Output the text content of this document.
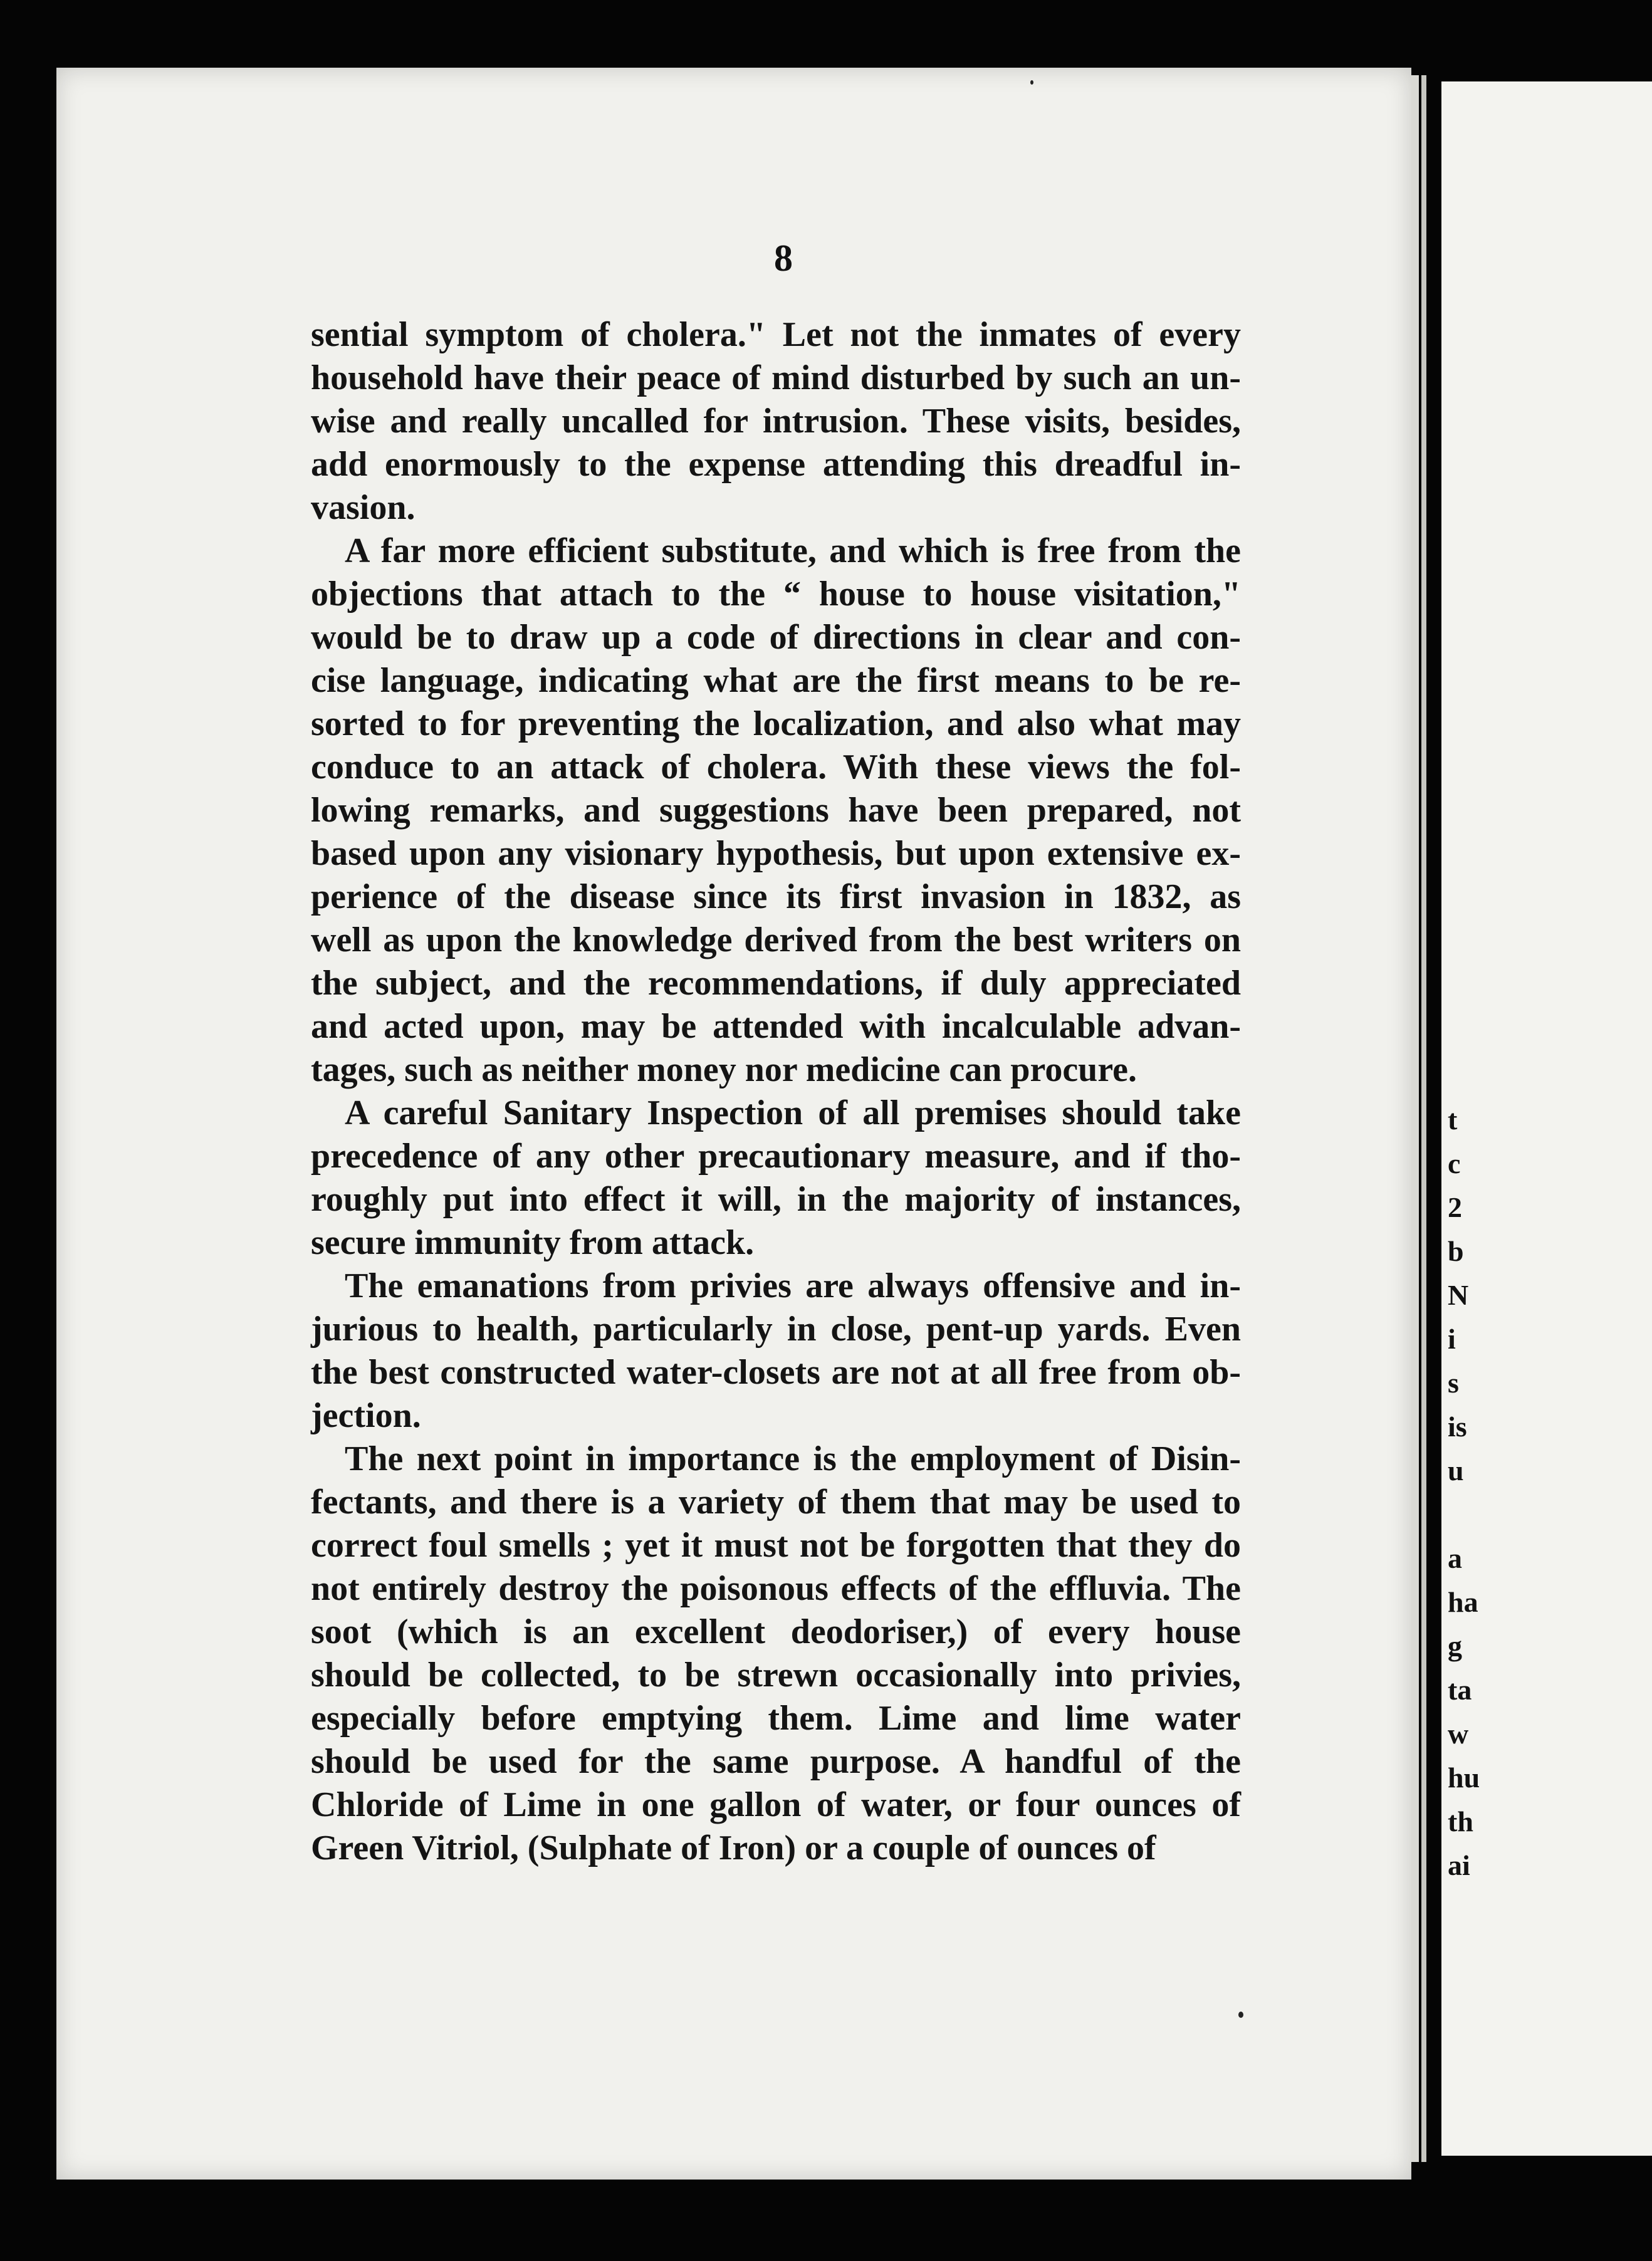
t
c
2
b
N
i
s
is
u
a
ha
g
ta
w
hu
th
ai
8
sential symptom of cholera." Let not the inmates of every
household have their peace of mind disturbed by such an un-
wise and really uncalled for intrusion. These visits, besides,
add enormously to the expense attending this dreadful in-
vasion.
A far more efficient substitute, and which is free from the
objections that attach to the “ house to house visitation,"
would be to draw up a code of directions in clear and con-
cise language, indicating what are the first means to be re-
sorted to for preventing the localization, and also what may
conduce to an attack of cholera. With these views the fol-
lowing remarks, and suggestions have been prepared, not
based upon any visionary hypothesis, but upon extensive ex-
perience of the disease since its first invasion in 1832, as
well as upon the knowledge derived from the best writers on
the subject, and the recommendations, if duly appreciated
and acted upon, may be attended with incalculable advan-
tages, such as neither money nor medicine can procure.
A careful Sanitary Inspection of all premises should take
precedence of any other precautionary measure, and if tho-
roughly put into effect it will, in the majority of instances,
secure immunity from attack.
The emanations from privies are always offensive and in-
jurious to health, particularly in close, pent-up yards. Even
the best constructed water-closets are not at all free from ob-
jection.
The next point in importance is the employment of Disin-
fectants, and there is a variety of them that may be used to
correct foul smells ; yet it must not be forgotten that they do
not entirely destroy the poisonous effects of the effluvia. The
soot (which is an excellent deodoriser,) of every house
should be collected, to be strewn occasionally into privies,
especially before emptying them. Lime and lime water
should be used for the same purpose. A handful of the
Chloride of Lime in one gallon of water, or four ounces of
Green Vitriol, (Sulphate of Iron) or a couple of ounces of
